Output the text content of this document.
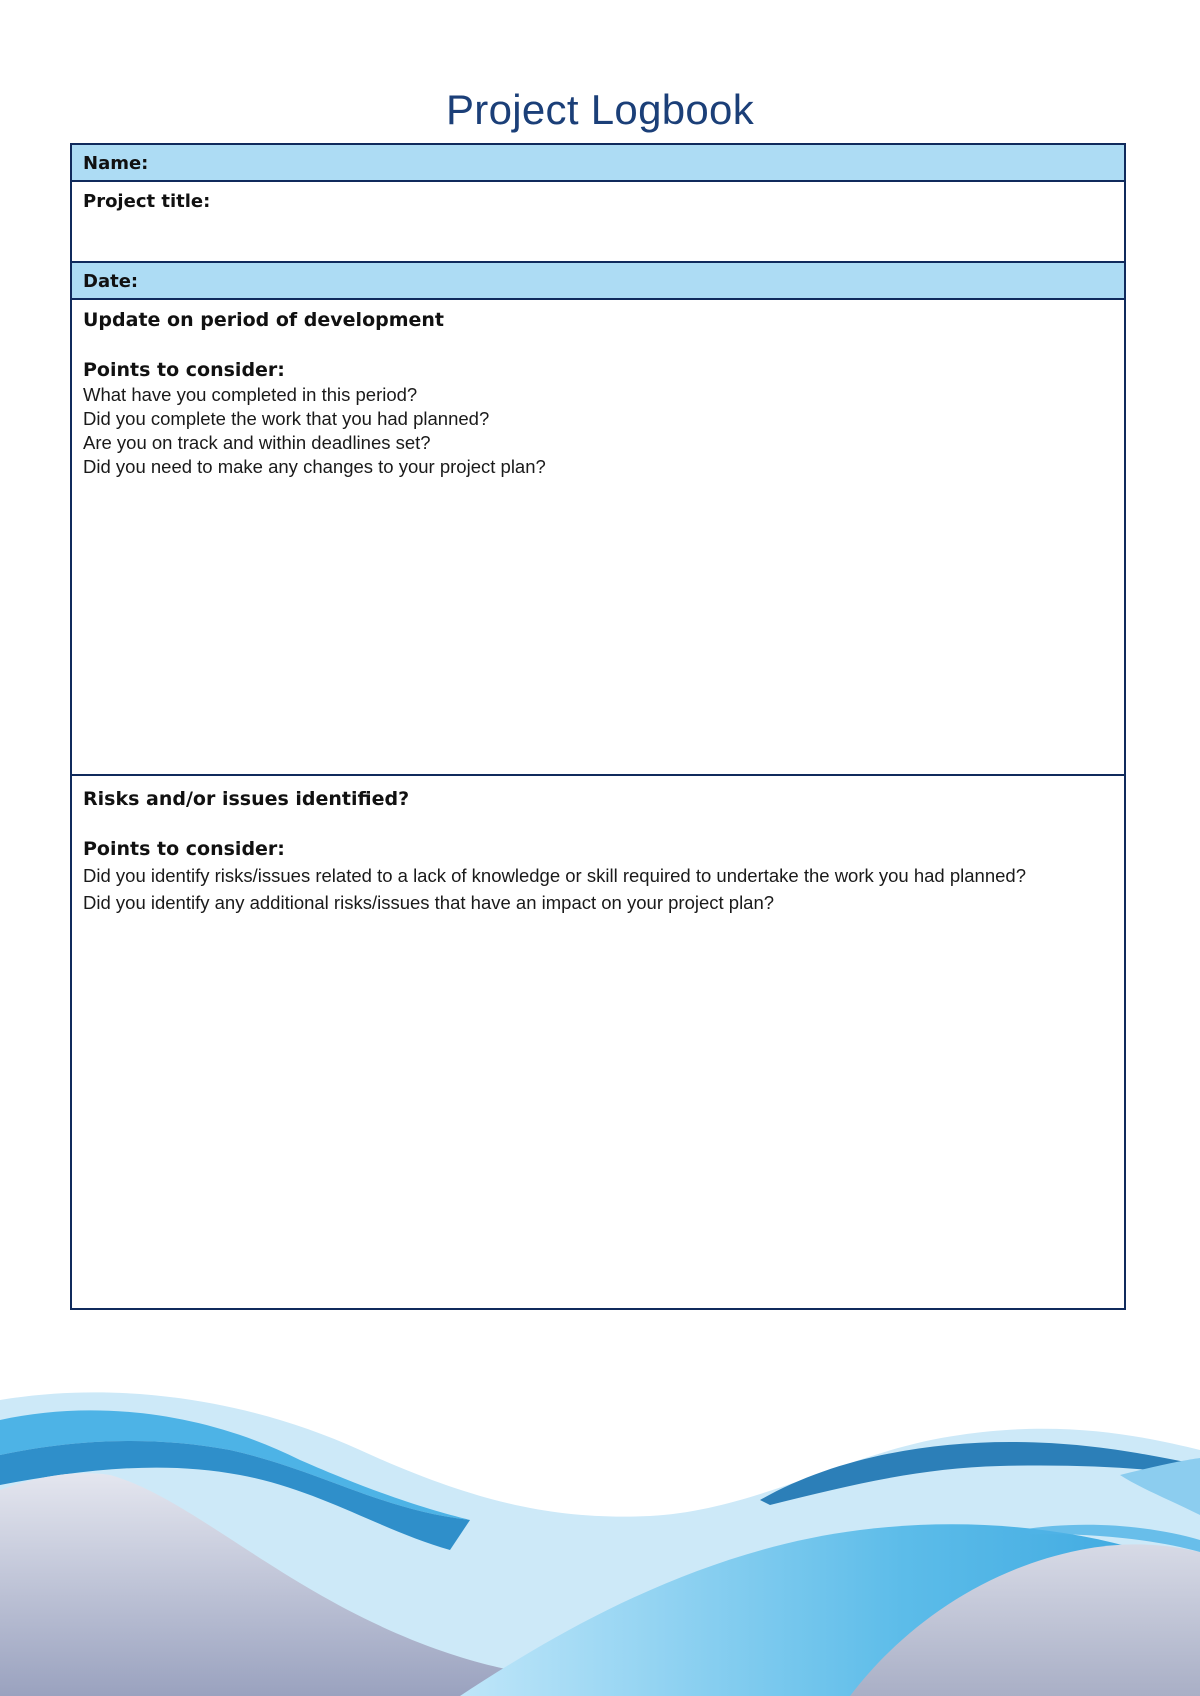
Project Logbook
Name:
Project title:
Date:
Update on period of development
Points to consider:
What have you completed in this period?
Did you complete the work that you had planned?
Are you on track and within deadlines set?
Did you need to make any changes to your project plan?
Risks and/or issues identified?
Points to consider:
Did you identify risks/issues related to a lack of knowledge or skill required to undertake the work you had planned?
Did you identify any additional risks/issues that have an impact on your project plan?
